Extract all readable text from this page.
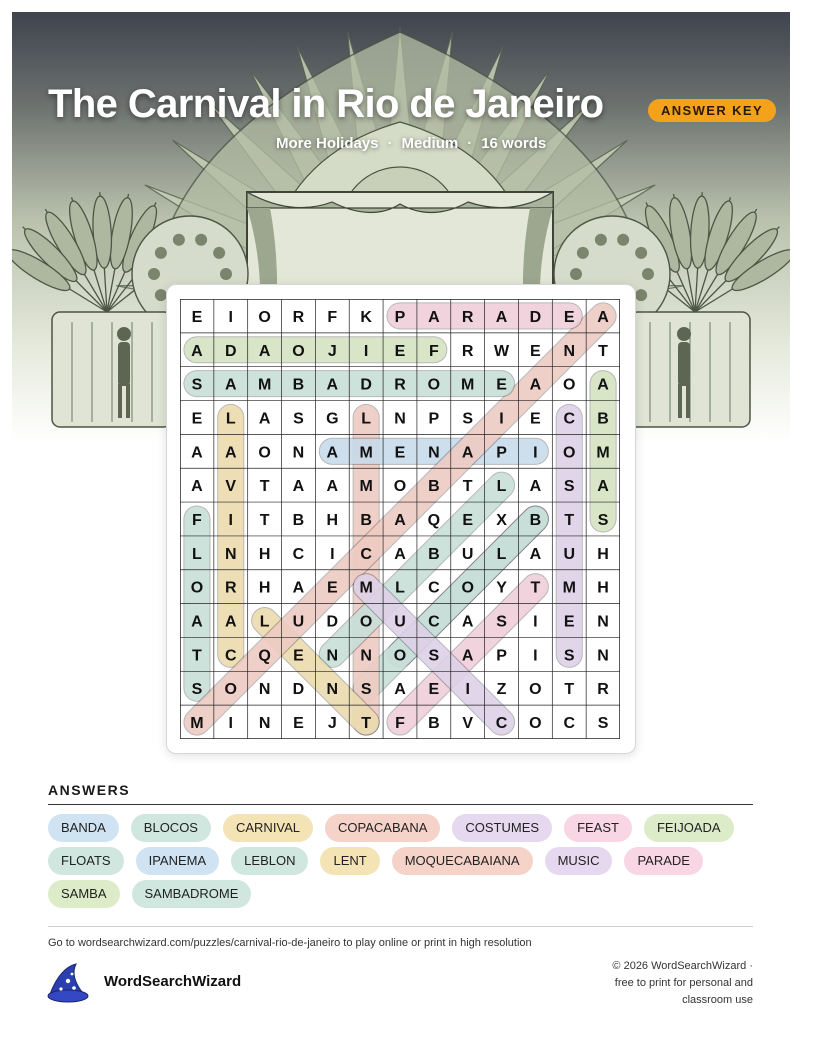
The Carnival in Rio de Janeiro	ANSWER KEY
More Holidays · Medium · 16 words
E I O R F K P A R A D E A
A D A O J I E F R W E N T
S A M B A D R O M E A O A
E L A S G L N P S I E C B
A A O N A M E N A P I O M
A V T A A M O B T L A S A
F I T B H B A Q E X B T S
L N H C I C A B U L A U H
O R H A E M L C O Y T M H
A A L U D O U C A S I E N
T C Q E N N O S A P I S N
S O N D N S A E I Z O T R
M I N E J T F B V C O C S
ANSWERS
BANDA	BLOCOS	CARNIVAL	COPACABANA	COSTUMES	FEAST	FEIJOADA
FLOATS	IPANEMA	LEBLON	LENT	MOQUECABAIANA	MUSIC	PARADE
SAMBA	SAMBADROME
Go to wordsearchwizard.com/puzzles/carnival-rio-de-janeiro to play online or print in high resolution
WordSearchWizard
© 2026 WordSearchWizard ·
free to print for personal and
classroom use
